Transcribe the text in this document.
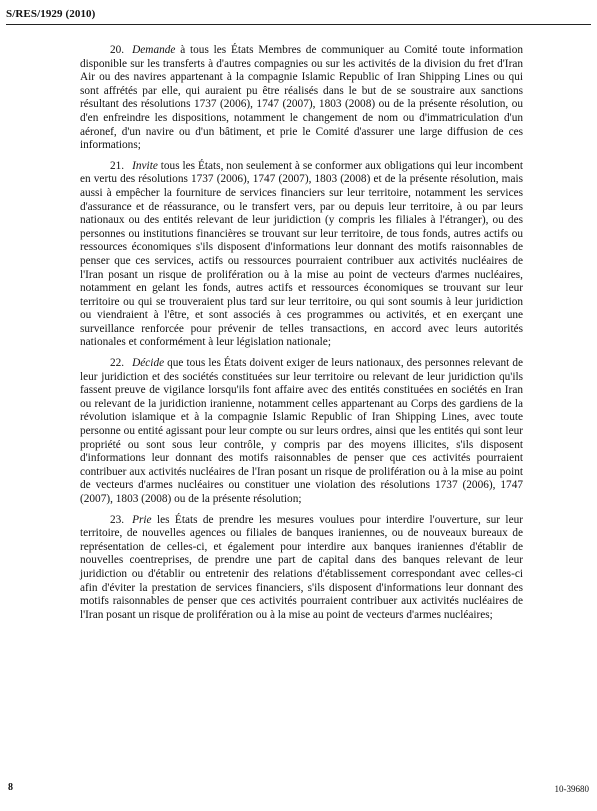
S/RES/1929 (2010)

20. Demande à tous les États Membres de communiquer au Comité toute information disponible sur les transferts à d'autres compagnies ou sur les activités de la division du fret d'Iran Air ou des navires appartenant à la compagnie Islamic Republic of Iran Shipping Lines ou qui sont affrétés par elle, qui auraient pu être réalisés dans le but de se soustraire aux sanctions résultant des résolutions 1737 (2006), 1747 (2007), 1803 (2008) ou de la présente résolution, ou d'en enfreindre les dispositions, notamment le changement de nom ou d'immatriculation d'un aéronef, d'un navire ou d'un bâtiment, et prie le Comité d'assurer une large diffusion de ces informations;

21. Invite tous les États, non seulement à se conformer aux obligations qui leur incombent en vertu des résolutions 1737 (2006), 1747 (2007), 1803 (2008) et de la présente résolution, mais aussi à empêcher la fourniture de services financiers sur leur territoire, notamment les services d'assurance et de réassurance, ou le transfert vers, par ou depuis leur territoire, à ou par leurs nationaux ou des entités relevant de leur juridiction (y compris les filiales à l'étranger), ou des personnes ou institutions financières se trouvant sur leur territoire, de tous fonds, autres actifs ou ressources économiques s'ils disposent d'informations leur donnant des motifs raisonnables de penser que ces services, actifs ou ressources pourraient contribuer aux activités nucléaires de l'Iran posant un risque de prolifération ou à la mise au point de vecteurs d'armes nucléaires, notamment en gelant les fonds, autres actifs et ressources économiques se trouvant sur leur territoire ou qui se trouveraient plus tard sur leur territoire, ou qui sont soumis à leur juridiction ou viendraient à l'être, et sont associés à ces programmes ou activités, et en exerçant une surveillance renforcée pour prévenir de telles transactions, en accord avec leurs autorités nationales et conformément à leur législation nationale;

22. Décide que tous les États doivent exiger de leurs nationaux, des personnes relevant de leur juridiction et des sociétés constituées sur leur territoire ou relevant de leur juridiction qu'ils fassent preuve de vigilance lorsqu'ils font affaire avec des entités constituées en sociétés en Iran ou relevant de la juridiction iranienne, notamment celles appartenant au Corps des gardiens de la révolution islamique et à la compagnie Islamic Republic of Iran Shipping Lines, avec toute personne ou entité agissant pour leur compte ou sur leurs ordres, ainsi que les entités qui sont leur propriété ou sont sous leur contrôle, y compris par des moyens illicites, s'ils disposent d'informations leur donnant des motifs raisonnables de penser que ces activités pourraient contribuer aux activités nucléaires de l'Iran posant un risque de prolifération ou à la mise au point de vecteurs d'armes nucléaires ou constituer une violation des résolutions 1737 (2006), 1747 (2007), 1803 (2008) ou de la présente résolution;

23. Prie les États de prendre les mesures voulues pour interdire l'ouverture, sur leur territoire, de nouvelles agences ou filiales de banques iraniennes, ou de nouveaux bureaux de représentation de celles-ci, et également pour interdire aux banques iraniennes d'établir de nouvelles coentreprises, de prendre une part de capital dans des banques relevant de leur juridiction ou d'établir ou entretenir des relations d'établissement correspondant avec celles-ci afin d'éviter la prestation de services financiers, s'ils disposent d'informations leur donnant des motifs raisonnables de penser que ces activités pourraient contribuer aux activités nucléaires de l'Iran posant un risque de prolifération ou à la mise au point de vecteurs d'armes nucléaires;

8	10-39680
